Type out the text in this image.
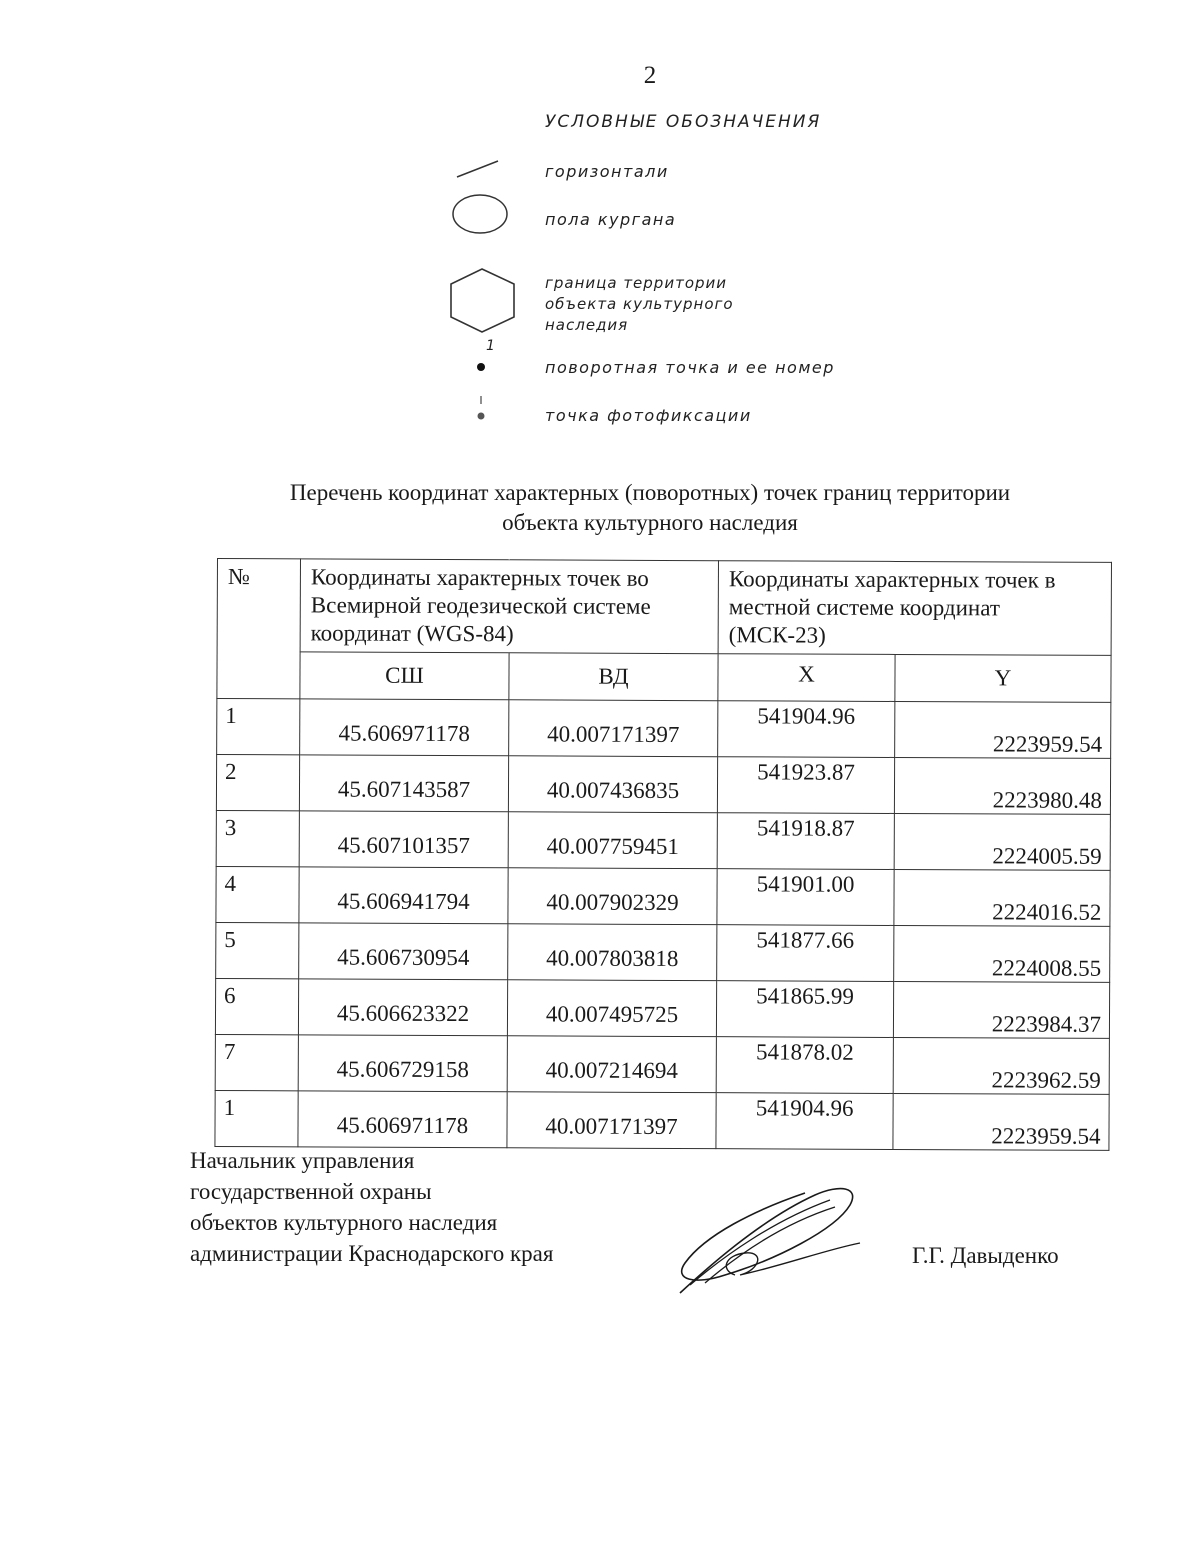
2
УСЛОВНЫЕ ОБОЗНАЧЕНИЯ
горизонтали
пола кургана
граница территории
объекта культурного
наследия
1
поворотная точка и ее номер
точка фотофиксации
Перечень координат характерных (поворотных) точек границ территории
объекта культурного наследия
№	Координаты характерных точек во Всемирной геодезической системе координат (WGS-84)		Координаты характерных точек в местной системе координат (МСК-23)	
	СШ	ВД	X	Y
1	45.606971178	40.007171397	541904.96	2223959.54
2	45.607143587	40.007436835	541923.87	2223980.48
3	45.607101357	40.007759451	541918.87	2224005.59
4	45.606941794	40.007902329	541901.00	2224016.52
5	45.606730954	40.007803818	541877.66	2224008.55
6	45.606623322	40.007495725	541865.99	2223984.37
7	45.606729158	40.007214694	541878.02	2223962.59
1	45.606971178	40.007171397	541904.96	2223959.54
Начальник управления
государственной охраны
объектов культурного наследия
администрации Краснодарского края	Г.Г. Давыденко
